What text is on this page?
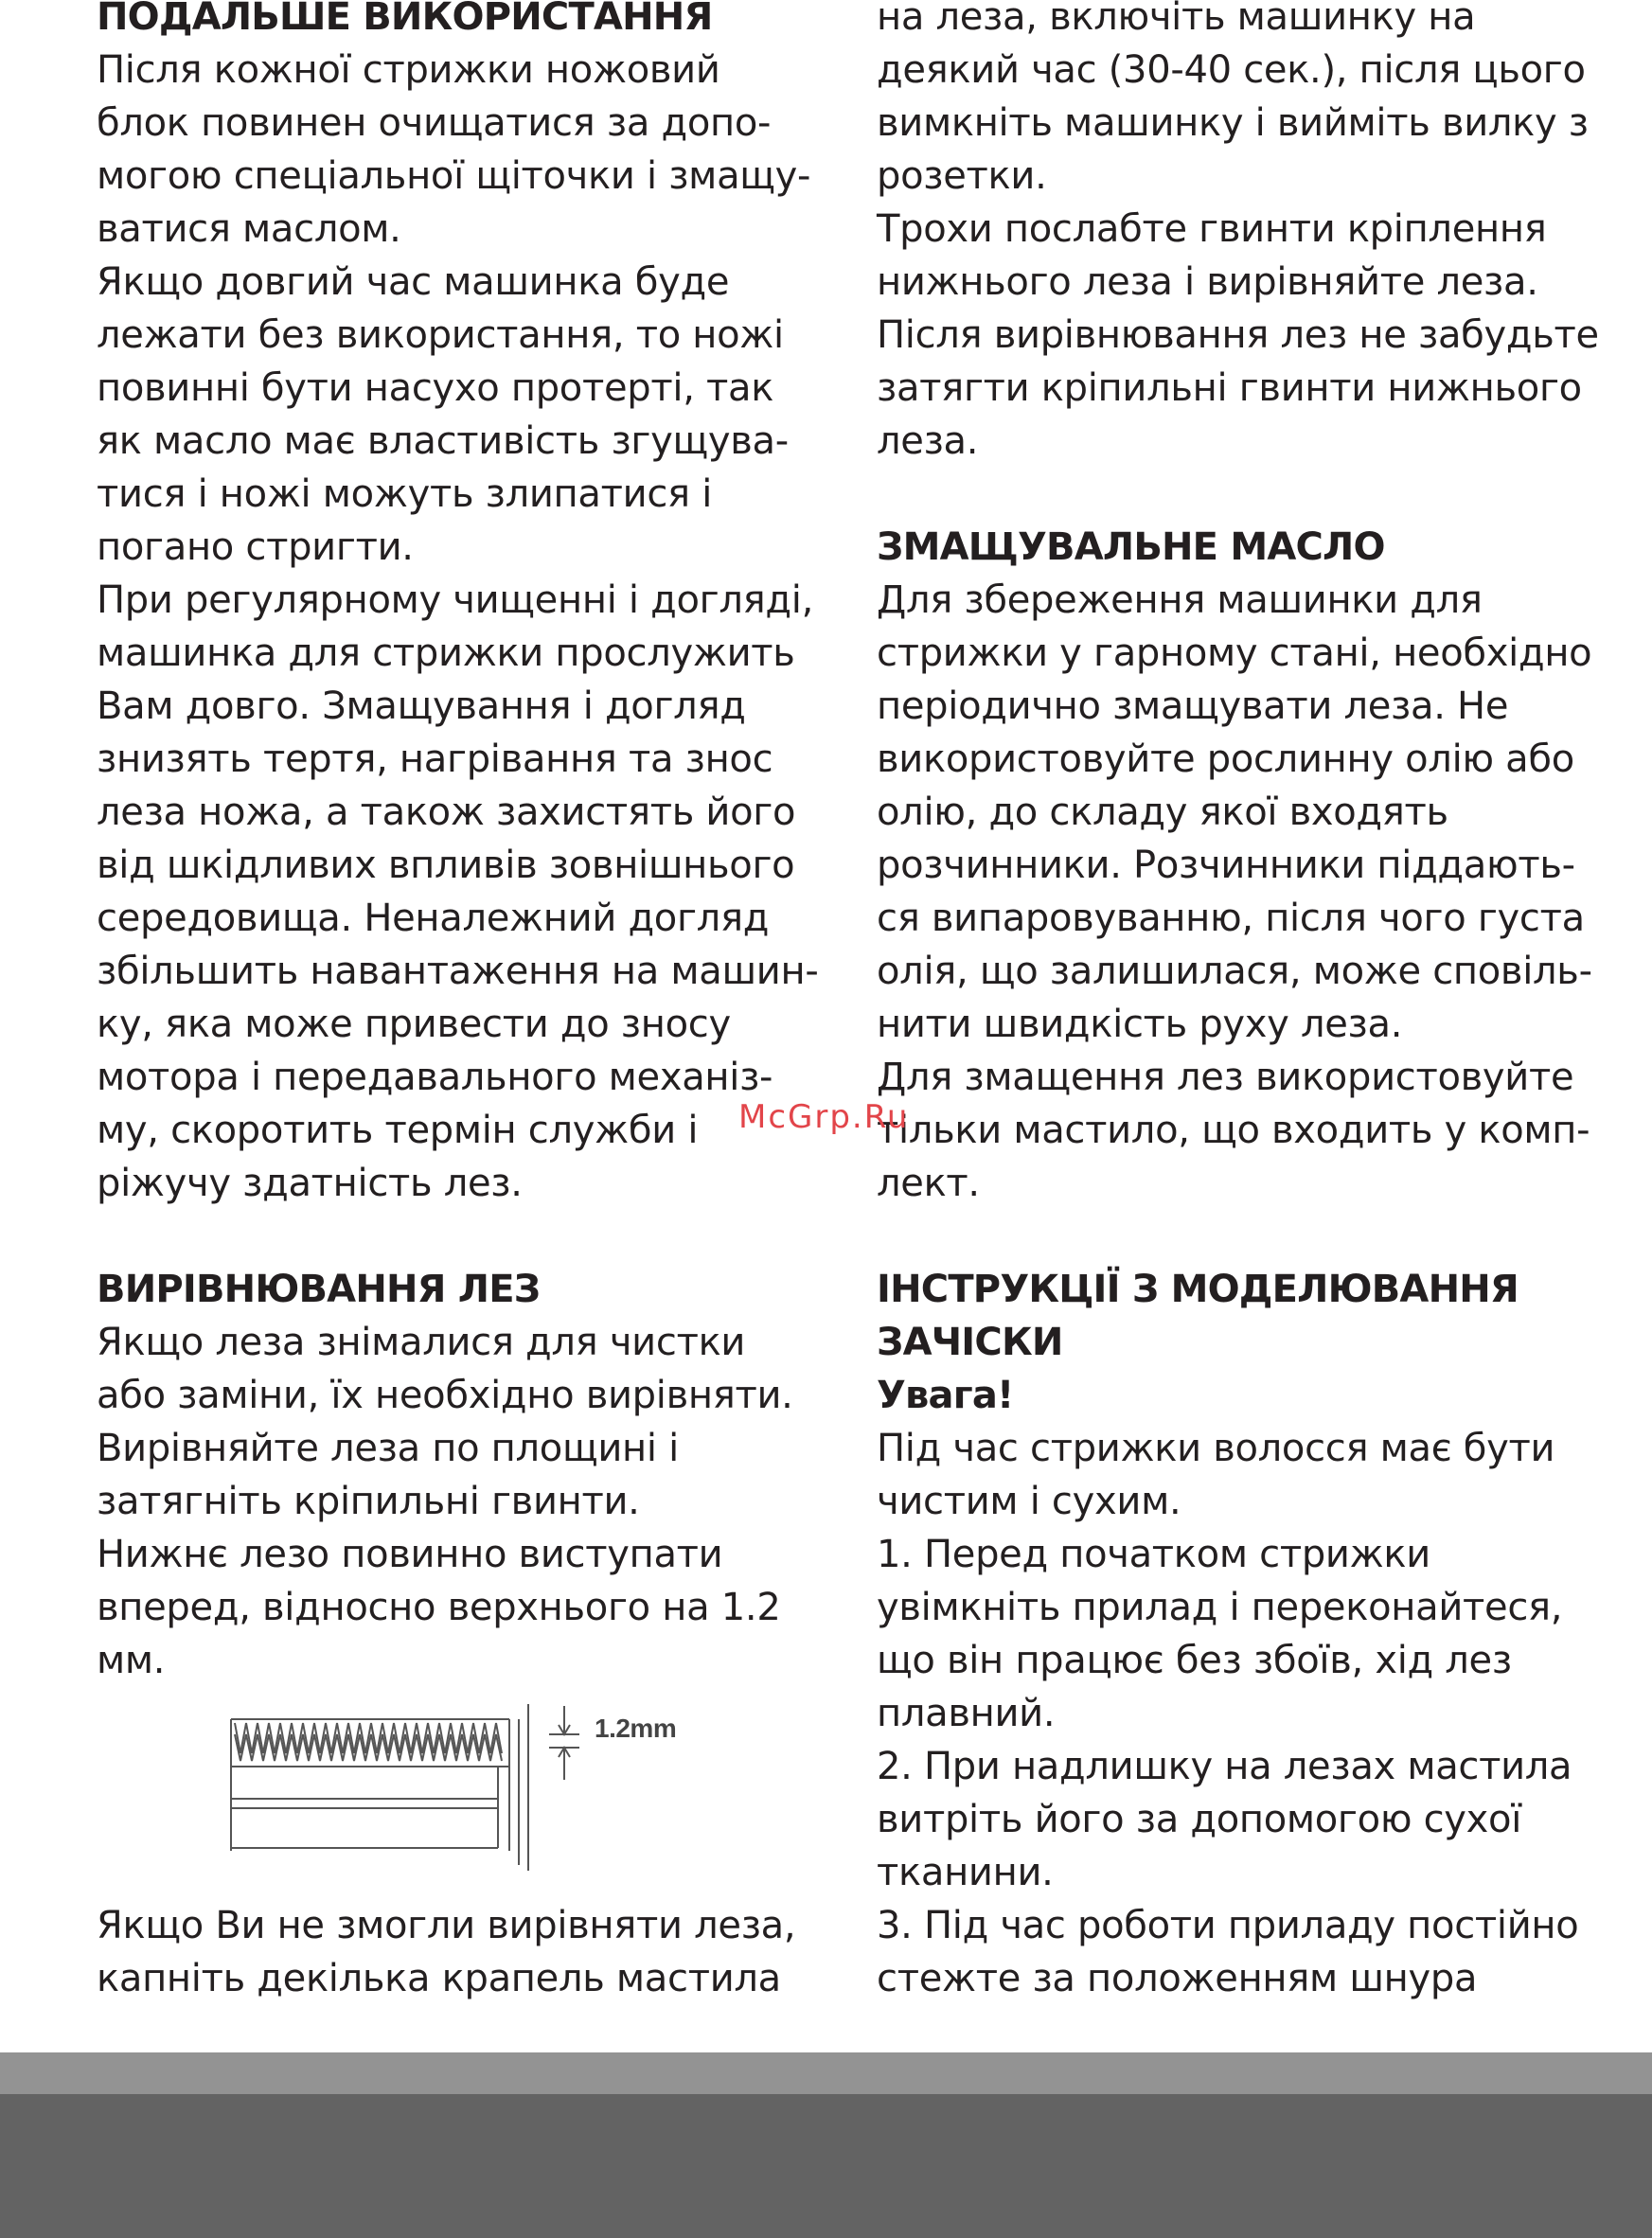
ПОДАЛЬШЕ ВИКОРИСТАННЯ
Після кожної стрижки ножовий
блок повинен очищатися за допо-
могою спеціальної щіточки і змащу-
ватися маслом.
Якщо довгий час машинка буде
лежати без використання, то ножі
повинні бути насухо протерті, так
як масло має властивість згущува-
тися і ножі можуть злипатися і
погано стригти.
При регулярному чищенні і догляді,
машинка для стрижки прослужить
Вам довго. Змащування і догляд
знизять тертя, нагрівання та знос
леза ножа, а також захистять його
від шкідливих впливів зовнішнього
середовища. Неналежний догляд
збільшить навантаження на машин-
ку, яка може привести до зносу
мотора і передавального механіз-
му, скоротить термін служби і
ріжучу здатність лез.
ВИРІВНЮВАННЯ ЛЕЗ
Якщо леза знімалися для чистки
або заміни, їх необхідно вирівняти.
Вирівняйте леза по площині і
затягніть кріпильні гвинти.
Нижнє лезо повинно виступати
вперед, відносно верхнього на 1.2
мм.
Якщо Ви не змогли вирівняти леза,
капніть декілька крапель мастила
1.2mm
на леза, включіть машинку на
деякий час (30-40 сек.), після цього
вимкніть машинку і вийміть вилку з
розетки.
Трохи послабте гвинти кріплення
нижнього леза і вирівняйте леза.
Після вирівнювання лез не забудьте
затягти кріпильні гвинти нижнього
леза.
ЗМАЩУВАЛЬНЕ МАСЛО
Для збереження машинки для
стрижки у гарному стані, необхідно
періодично змащувати леза. Не
використовуйте рослинну олію або
олію, до складу якої входять
розчинники. Розчинники піддають-
ся випаровуванню, після чого густа
олія, що залишилася, може сповіль-
нити швидкість руху леза.
Для змащення лез використовуйте
тільки мастило, що входить у комп-
лект.
ІНСТРУКЦІЇ З МОДЕЛЮВАННЯ
ЗАЧІСКИ
Увага!
Під час стрижки волосся має бути
чистим і сухим.
1. Перед початком стрижки
увімкніть прилад і переконайтеся,
що він працює без збоїв, хід лез
плавний.
2. При надлишку на лезах мастила
витріть його за допомогою сухої
тканини.
3. Під час роботи приладу постійно
стежте за положенням шнура
McGrp.Ru
